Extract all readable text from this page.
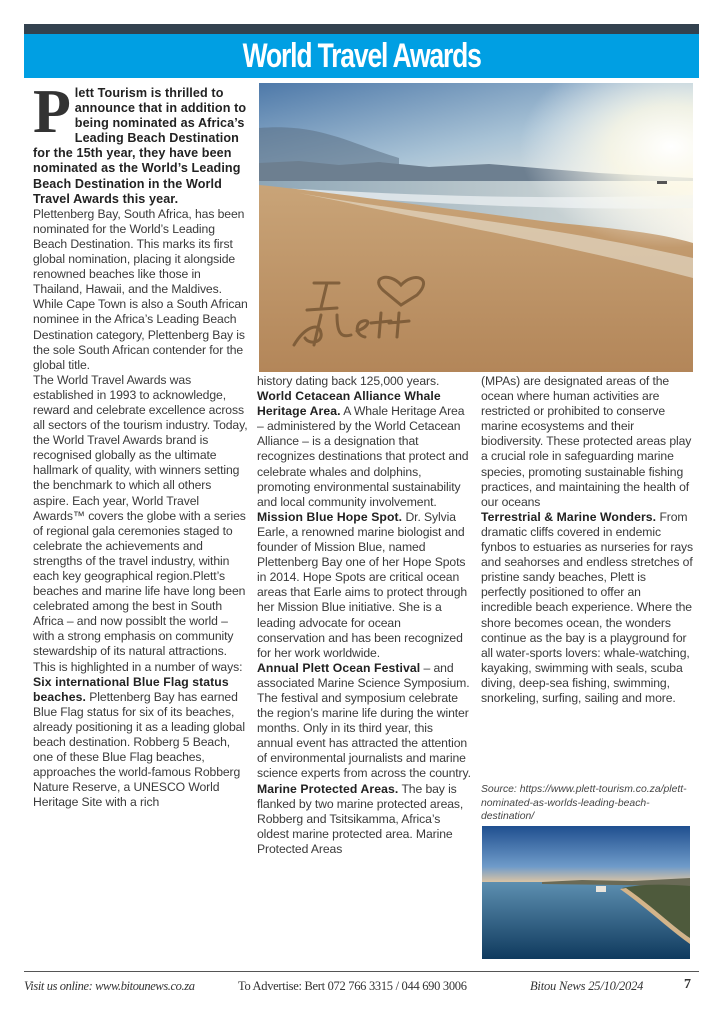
World Travel Awards

Plett Tourism is thrilled to announce that in addition to being nominated as Africa’s Leading Beach Destination for the 15th year, they have been nominated as the World’s Leading Beach Destination in the World Travel Awards this year.

Plettenberg Bay, South Africa, has been nominated for the World’s Leading Beach Destination. This marks its first global nomination, placing it alongside renowned beaches like those in Thailand, Hawaii, and the Maldives. While Cape Town is also a South African nominee in the Africa’s Leading Beach Destination category, Plettenberg Bay is the sole South African contender for the global title.

The World Travel Awards was established in 1993 to acknowledge, reward and celebrate excellence across all sectors of the tourism industry. Today, the World Travel Awards brand is recognised globally as the ultimate hallmark of quality, with winners setting the benchmark to which all others aspire. Each year, World Travel Awards™ covers the globe with a series of regional gala ceremonies staged to celebrate the achievements and strengths of the travel industry, within each key geographical region.Plett’s beaches and marine life have long been celebrated among the best in South Africa – and now possiblt the world – with a strong emphasis on community stewardship of its natural attractions.

This is highlighted in a number of ways:

Six international Blue Flag status beaches. Plettenberg Bay has earned Blue Flag status for six of its beaches, already positioning it as a leading global beach destination. Robberg 5 Beach, one of these Blue Flag beaches, approaches the world-famous Robberg Nature Reserve, a UNESCO World Heritage Site with a rich

history dating back 125,000 years.

World Cetacean Alliance Whale Heritage Area. A Whale Heritage Area – administered by the World Cetacean Alliance – is a designation that recognizes destinations that protect and celebrate whales and dolphins, promoting environmental sustainability and local community involvement.

Mission Blue Hope Spot. Dr. Sylvia Earle, a renowned marine biologist and founder of Mission Blue, named Plettenberg Bay one of her Hope Spots in 2014. Hope Spots are critical ocean areas that Earle aims to protect through her Mission Blue initiative. She is a leading advocate for ocean conservation and has been recognized for her work worldwide.

Annual Plett Ocean Festival – and associated Marine Science Symposium. The festival and symposium celebrate the region’s marine life during the winter months. Only in its third year, this annual event has attracted the attention of environmental journalists and marine science experts from across the country.

Marine Protected Areas. The bay is flanked by two marine protected areas, Robberg and Tsitsikamma, Africa’s oldest marine protected area. Marine Protected Areas

(MPAs) are designated areas of the ocean where human activities are restricted or prohibited to conserve marine ecosystems and their biodiversity. These protected areas play a crucial role in safeguarding marine species, promoting sustainable fishing practices, and maintaining the health of our oceans

Terrestrial & Marine Wonders. From dramatic cliffs covered in endemic fynbos to estuaries as nurseries for rays and seahorses and endless stretches of pristine sandy beaches, Plett is perfectly positioned to offer an incredible beach experience. Where the shore becomes ocean, the wonders continue as the bay is a playground for all water-sports lovers: whale-watching, kayaking, swimming with seals, scuba diving, deep-sea fishing, swimming, snorkeling, surfing, sailing and more.

Source: https://www.plett-tourism.co.za/plett-nominated-as-worlds-leading-beach-destination/
Visit us online: www.bitounews.co.za	To Advertise: Bert 072 766 3315 / 044 690 3006	Bitou News 25/10/2024	7
